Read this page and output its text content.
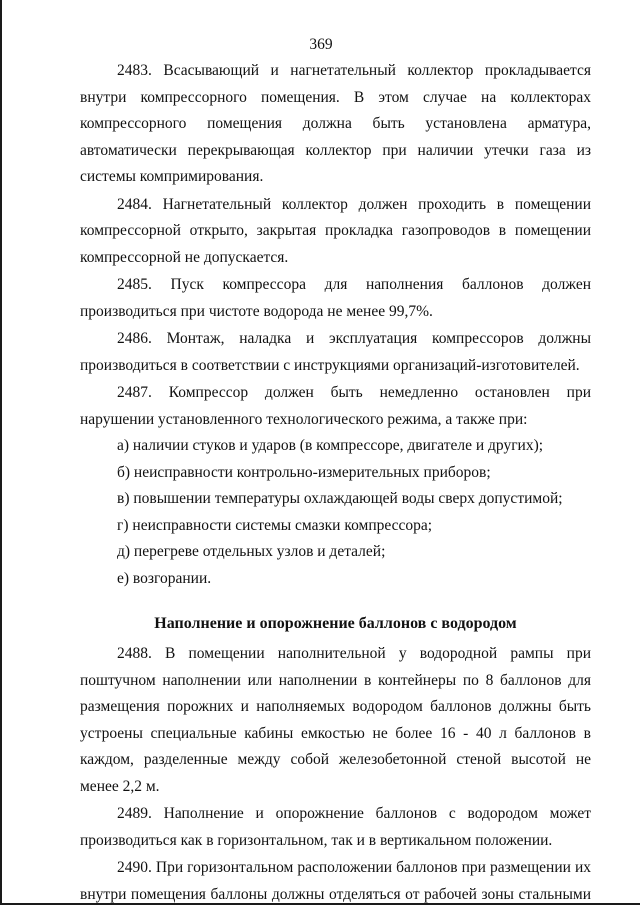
369

2483. Всасывающий и нагнетательный коллектор прокладывается внутри компрессорного помещения. В этом случае на коллекторах компрессорного помещения должна быть установлена арматура, автоматически перекрывающая коллектор при наличии утечки газа из системы компримирования.

2484. Нагнетательный коллектор должен проходить в помещении компрессорной открыто, закрытая прокладка газопроводов в помещении компрессорной не допускается.

2485. Пуск компрессора для наполнения баллонов должен производиться при чистоте водорода не менее 99,7%.

2486. Монтаж, наладка и эксплуатация компрессоров должны производиться в соответствии с инструкциями организаций-изготовителей.

2487. Компрессор должен быть немедленно остановлен при нарушении установленного технологического режима, а также при:

а) наличии стуков и ударов (в компрессоре, двигателе и других);

б) неисправности контрольно-измерительных приборов;

в) повышении температуры охлаждающей воды сверх допустимой;

г) неисправности системы смазки компрессора;

д) перегреве отдельных узлов и деталей;

е) возгорании.

Наполнение и опорожнение баллонов с водородом

2488. В помещении наполнительной у водородной рампы при поштучном наполнении или наполнении в контейнеры по 8 баллонов для размещения порожних и наполняемых водородом баллонов должны быть устроены специальные кабины емкостью не более 16 - 40 л баллонов в каждом, разделенные между собой железобетонной стеной высотой не менее 2,2 м.

2489. Наполнение и опорожнение баллонов с водородом может производиться как в горизонтальном, так и в вертикальном положении.

2490. При горизонтальном расположении баллонов при размещении их внутри помещения баллоны должны отделяться от рабочей зоны стальными
